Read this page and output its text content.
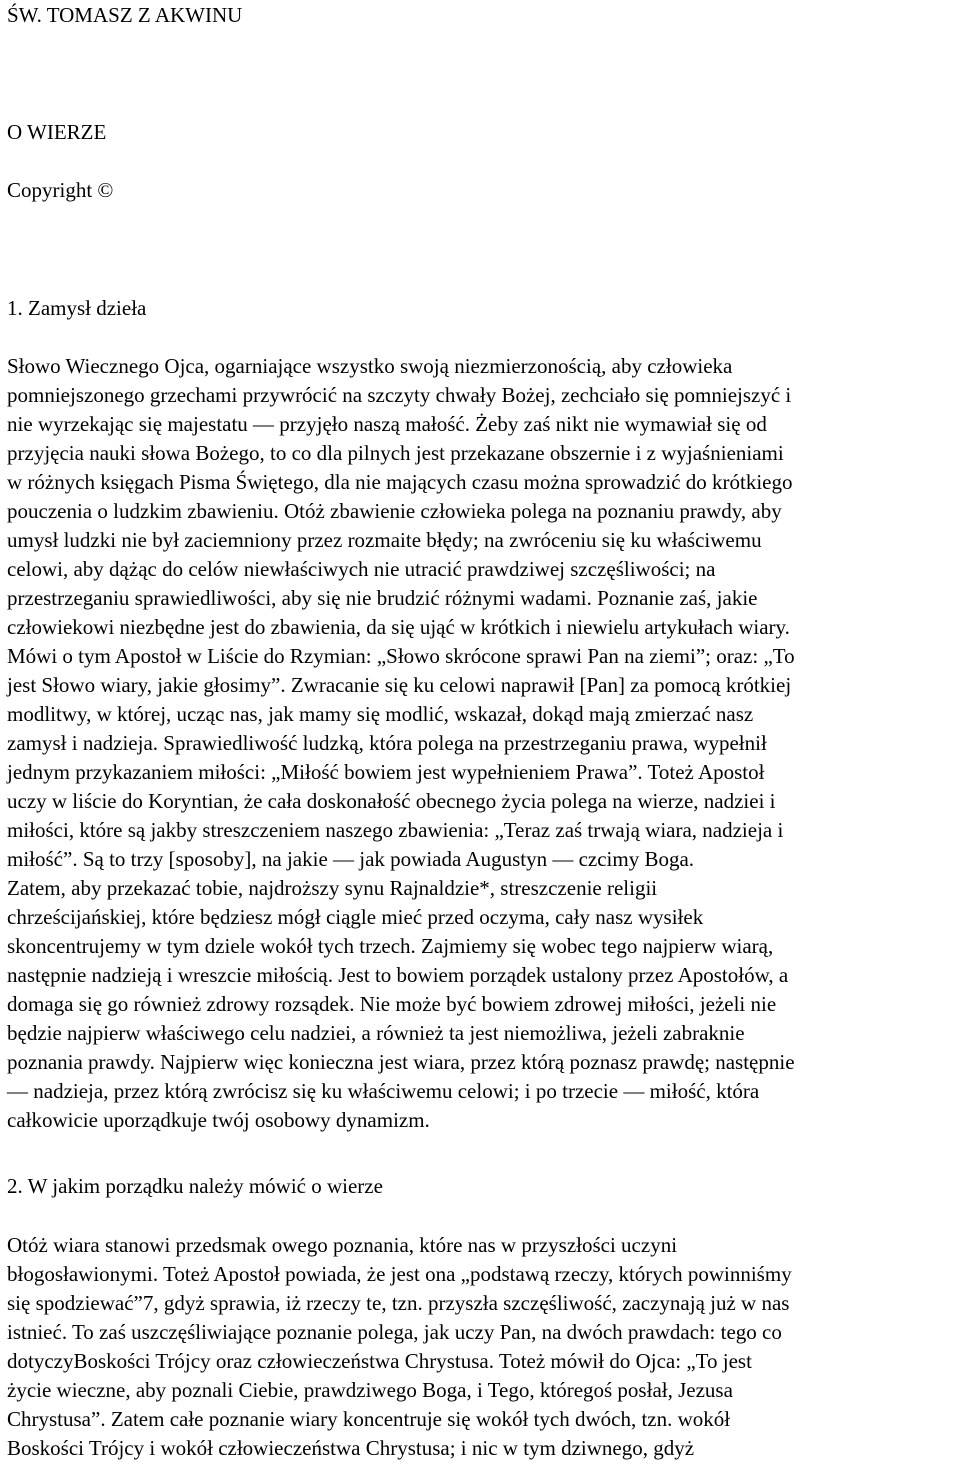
ŚW. TOMASZ Z AKWINU
O WIERZE
Copyright ©
1. Zamysł dzieła
Słowo Wiecznego Ojca, ogarniające wszystko swoją niezmierzonością, aby człowieka
pomniejszonego grzechami przywrócić na szczyty chwały Bożej, zechciało się pomniejszyć i
nie wyrzekając się majestatu — przyjęło naszą małość. Żeby zaś nikt nie wymawiał się od
przyjęcia nauki słowa Bożego, to co dla pilnych jest przekazane obszernie i z wyjaśnieniami
w różnych księgach Pisma Świętego, dla nie mających czasu można sprowadzić do krótkiego
pouczenia o ludzkim zbawieniu. Otóż zbawienie człowieka polega na poznaniu prawdy, aby
umysł ludzki nie był zaciemniony przez rozmaite błędy; na zwróceniu się ku właściwemu
celowi, aby dążąc do celów niewłaściwych nie utracić prawdziwej szczęśliwości; na
przestrzeganiu sprawiedliwości, aby się nie brudzić różnymi wadami. Poznanie zaś, jakie
człowiekowi niezbędne jest do zbawienia, da się ująć w krótkich i niewielu artykułach wiary.
Mówi o tym Apostoł w Liście do Rzymian: „Słowo skrócone sprawi Pan na ziemi”; oraz: „To
jest Słowo wiary, jakie głosimy”. Zwracanie się ku celowi naprawił [Pan] za pomocą krótkiej
modlitwy, w której, ucząc nas, jak mamy się modlić, wskazał, dokąd mają zmierzać nasz
zamysł i nadzieja. Sprawiedliwość ludzką, która polega na przestrzeganiu prawa, wypełnił
jednym przykazaniem miłości: „Miłość bowiem jest wypełnieniem Prawa”. Toteż Apostoł
uczy w liście do Koryntian, że cała doskonałość obecnego życia polega na wierze, nadziei i
miłości, które są jakby streszczeniem naszego zbawienia: „Teraz zaś trwają wiara, nadzieja i
miłość”. Są to trzy [sposoby], na jakie — jak powiada Augustyn — czcimy Boga.
Zatem, aby przekazać tobie, najdroższy synu Rajnaldzie*, streszczenie religii
chrześcijańskiej, które będziesz mógł ciągle mieć przed oczyma, cały nasz wysiłek
skoncentrujemy w tym dziele wokół tych trzech. Zajmiemy się wobec tego najpierw wiarą,
następnie nadzieją i wreszcie miłością. Jest to bowiem porządek ustalony przez Apostołów, a
domaga się go również zdrowy rozsądek. Nie może być bowiem zdrowej miłości, jeżeli nie
będzie najpierw właściwego celu nadziei, a również ta jest niemożliwa, jeżeli zabraknie
poznania prawdy. Najpierw więc konieczna jest wiara, przez którą poznasz prawdę; następnie
— nadzieja, przez którą zwrócisz się ku właściwemu celowi; i po trzecie — miłość, która
całkowicie uporządkuje twój osobowy dynamizm.
2. W jakim porządku należy mówić o wierze
Otóż wiara stanowi przedsmak owego poznania, które nas w przyszłości uczyni
błogosławionymi. Toteż Apostoł powiada, że jest ona „podstawą rzeczy, których powinniśmy
się spodziewać”7, gdyż sprawia, iż rzeczy te, tzn. przyszła szczęśliwość, zaczynają już w nas
istnieć. To zaś uszczęśliwiające poznanie polega, jak uczy Pan, na dwóch prawdach: tego co
dotyczyBoskości Trójcy oraz człowieczeństwa Chrystusa. Toteż mówił do Ojca: „To jest
życie wieczne, aby poznali Ciebie, prawdziwego Boga, i Tego, któregoś posłał, Jezusa
Chrystusa”. Zatem całe poznanie wiary koncentruje się wokół tych dwóch, tzn. wokół
Boskości Trójcy i wokół człowieczeństwa Chrystusa; i nic w tym dziwnego, gdyż
